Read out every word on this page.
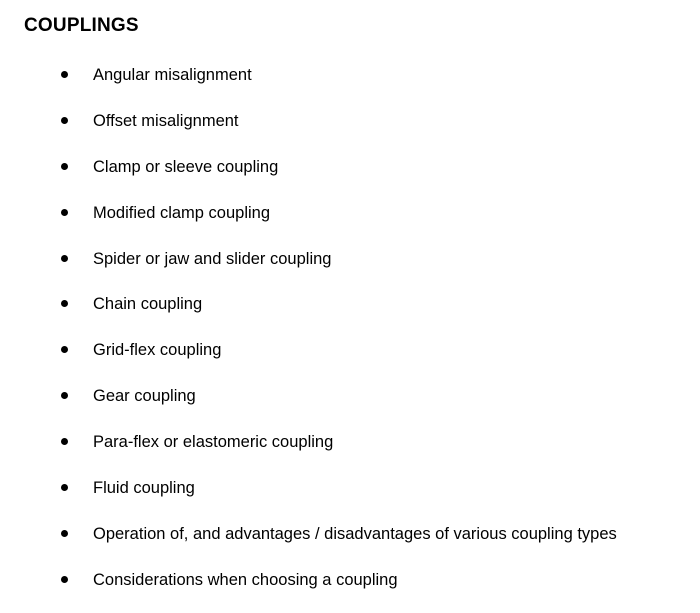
COUPLINGS
Angular misalignment
Offset misalignment
Clamp or sleeve coupling
Modified clamp coupling
Spider or jaw and slider coupling
Chain coupling
Grid-flex coupling
Gear coupling
Para-flex or elastomeric coupling
Fluid coupling
Operation of, and advantages / disadvantages of various coupling types
Considerations when choosing a coupling
